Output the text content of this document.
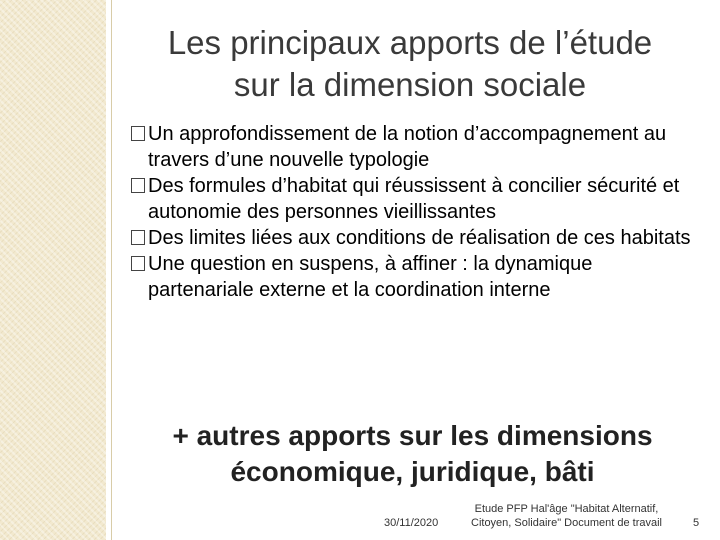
Les principaux apports de l’étude
sur la dimension sociale
Un approfondissement de la notion d’accompagnement au travers d’une nouvelle typologie
Des formules d’habitat qui réussissent à concilier sécurité et autonomie des personnes vieillissantes
Des limites liées aux conditions de réalisation de ces habitats
Une question en suspens, à affiner : la dynamique partenariale externe et la coordination interne
+ autres apports sur les dimensions
économique, juridique, bâti
30/11/2020
Etude PFP Hal'âge "Habitat Alternatif,
Citoyen, Solidaire" Document de travail	5
